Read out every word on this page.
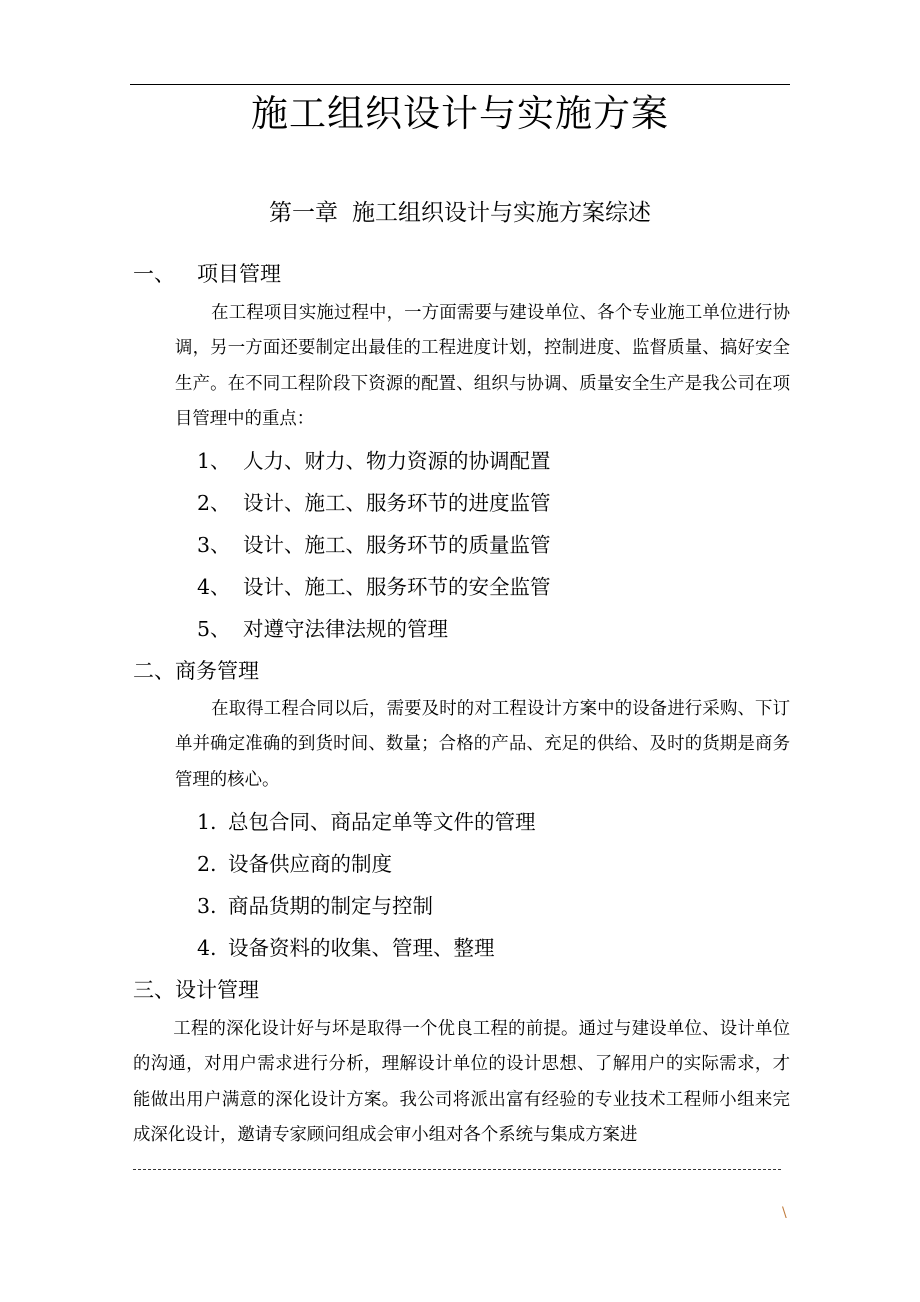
施工组织设计与实施方案
第一章 施工组织设计与实施方案综述
一、 项目管理

在工程项目实施过程中，一方面需要与建设单位、各个专业施工单位进行协调，另一方面还要制定出最佳的工程进度计划，控制进度、监督质量、搞好安全生产。在不同工程阶段下资源的配置、组织与协调、质量安全生产是我公司在项目管理中的重点：

1、 人力、财力、物力资源的协调配置
2、 设计、施工、服务环节的进度监管
3、 设计、施工、服务环节的质量监管
4、 设计、施工、服务环节的安全监管
5、 对遵守法律法规的管理
二、商务管理

在取得工程合同以后，需要及时的对工程设计方案中的设备进行采购、下订单并确定准确的到货时间、数量；合格的产品、充足的供给、及时的货期是商务管理的核心。

1. 总包合同、商品定单等文件的管理
2. 设备供应商的制度
3. 商品货期的制定与控制
4. 设备资料的收集、管理、整理
三、设计管理

工程的深化设计好与坏是取得一个优良工程的前提。通过与建设单位、设计单位的沟通，对用户需求进行分析，理解设计单位的设计思想、了解用户的实际需求，才能做出用户满意的深化设计方案。我公司将派出富有经验的专业技术工程师小组来完成深化设计，邀请专家顾问组成会审小组对各个系统与集成方案进

\
